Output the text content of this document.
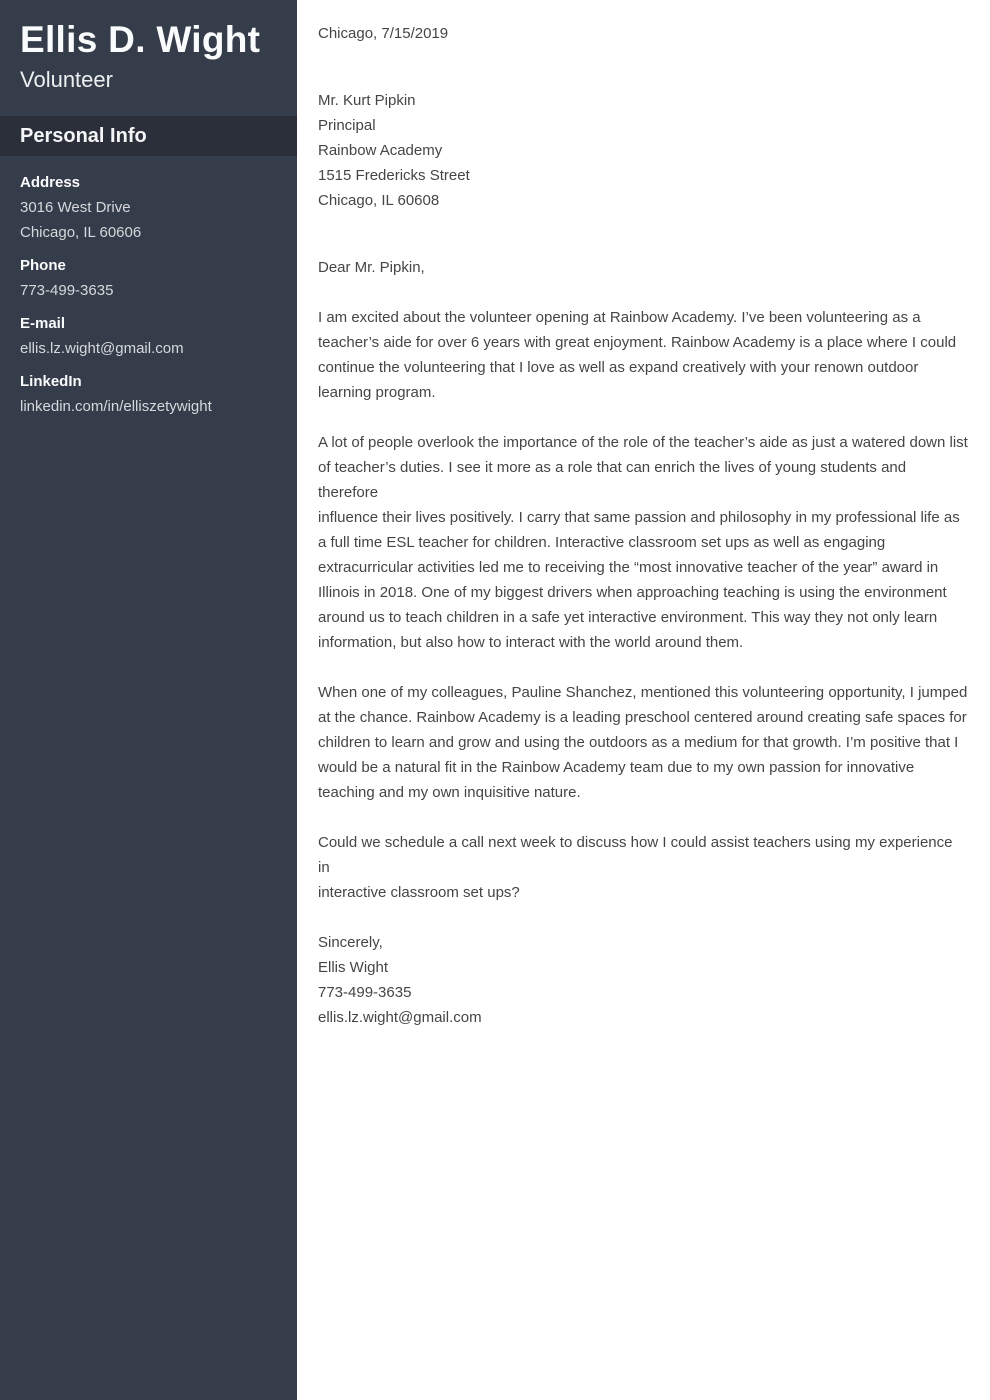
Ellis D. Wight
Volunteer
Personal Info
Address
3016 West Drive
Chicago, IL 60606
Phone
773-499-3635
E-mail
ellis.lz.wight@gmail.com
LinkedIn
linkedin.com/in/elliszetywight
Chicago, 7/15/2019
Mr. Kurt Pipkin
Principal
Rainbow Academy
1515 Fredericks Street
Chicago, IL 60608
Dear Mr. Pipkin,
I am excited about the volunteer opening at Rainbow Academy. I’ve been volunteering as a
teacher’s aide for over 6 years with great enjoyment. Rainbow Academy is a place where I could
continue the volunteering that I love as well as expand creatively with your renown outdoor
learning program.
A lot of people overlook the importance of the role of the teacher’s aide as just a watered down list
of teacher’s duties. I see it more as a role that can enrich the lives of young students and therefore
influence their lives positively. I carry that same passion and philosophy in my professional life as
a full time ESL teacher for children. Interactive classroom set ups as well as engaging
extracurricular activities led me to receiving the “most innovative teacher of the year” award in
Illinois in 2018. One of my biggest drivers when approaching teaching is using the environment
around us to teach children in a safe yet interactive environment. This way they not only learn
information, but also how to interact with the world around them.
When one of my colleagues, Pauline Shanchez, mentioned this volunteering opportunity, I jumped
at the chance. Rainbow Academy is a leading preschool centered around creating safe spaces for
children to learn and grow and using the outdoors as a medium for that growth. I’m positive that I
would be a natural fit in the Rainbow Academy team due to my own passion for innovative
teaching and my own inquisitive nature.
Could we schedule a call next week to discuss how I could assist teachers using my experience in
interactive classroom set ups?
Sincerely,
Ellis Wight
773-499-3635
ellis.lz.wight@gmail.com
